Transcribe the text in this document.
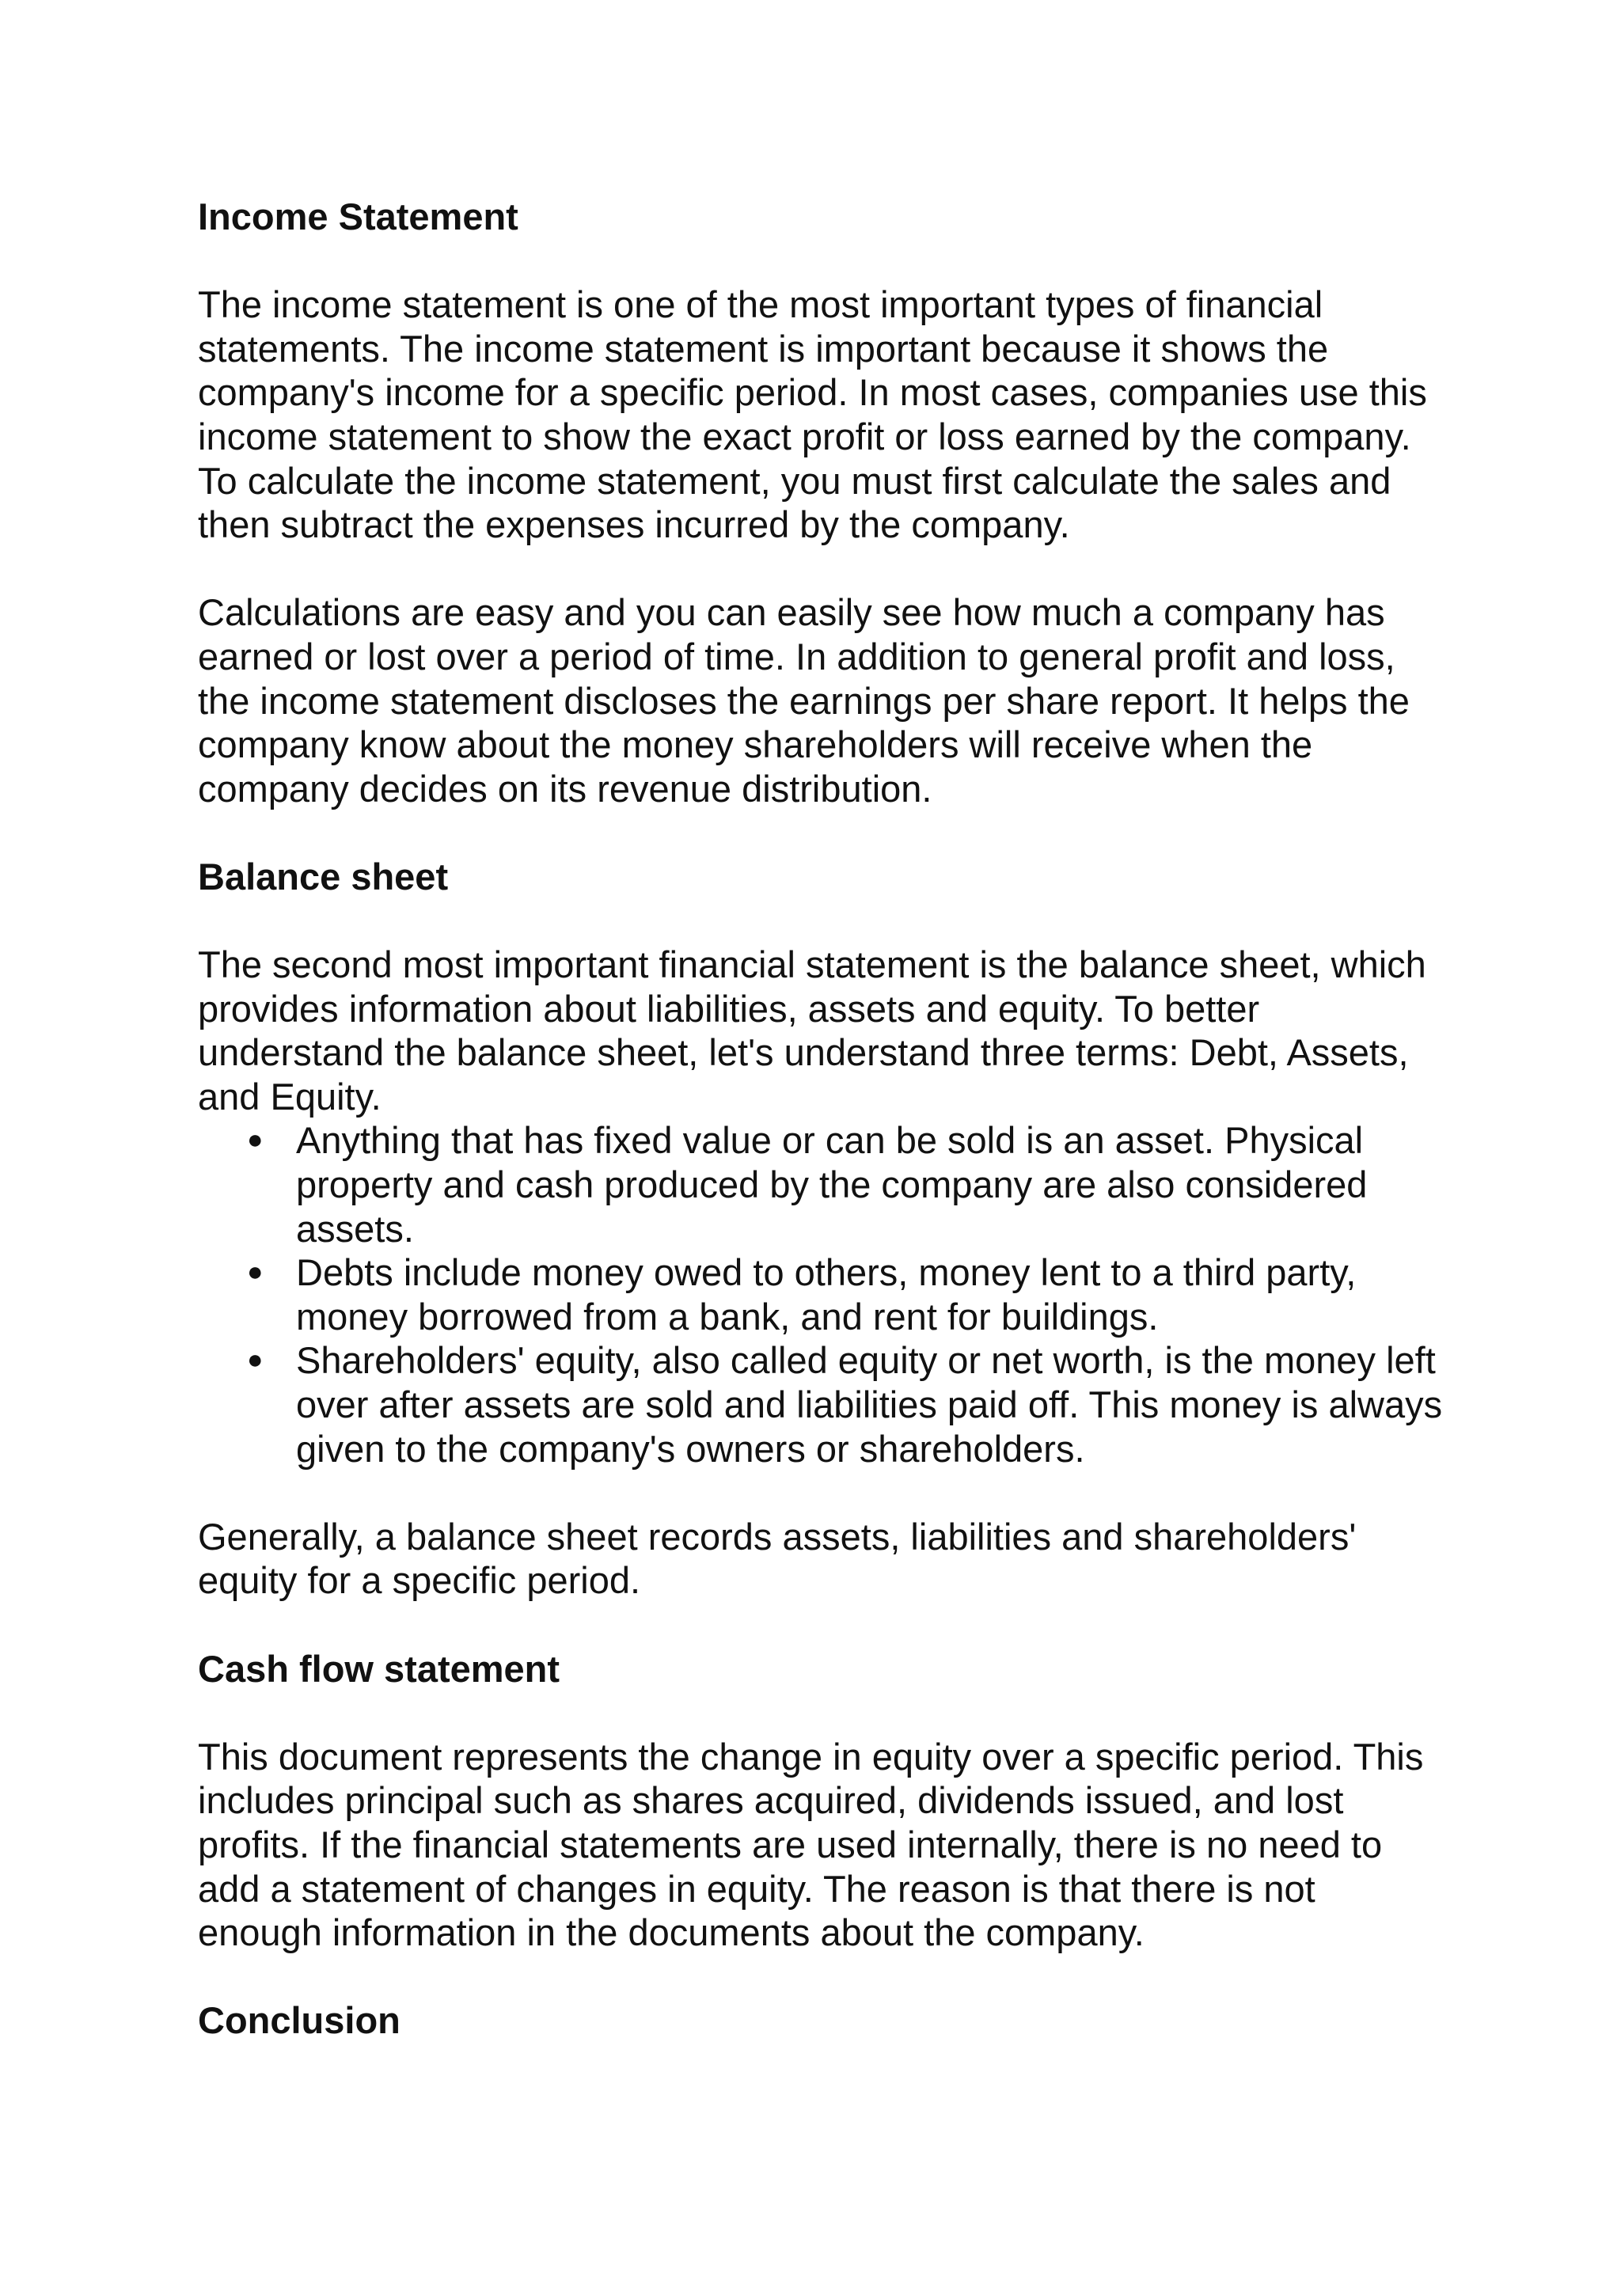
Income Statement

The income statement is one of the most important types of financial statements. The income statement is important because it shows the company's income for a specific period. In most cases, companies use this income statement to show the exact profit or loss earned by the company. To calculate the income statement, you must first calculate the sales and then subtract the expenses incurred by the company.

Calculations are easy and you can easily see how much a company has earned or lost over a period of time. In addition to general profit and loss, the income statement discloses the earnings per share report. It helps the company know about the money shareholders will receive when the company decides on its revenue distribution.

Balance sheet

The second most important financial statement is the balance sheet, which provides information about liabilities, assets and equity. To better understand the balance sheet, let's understand three terms: Debt, Assets, and Equity.

● Anything that has fixed value or can be sold is an asset. Physical property and cash produced by the company are also considered assets.
● Debts include money owed to others, money lent to a third party, money borrowed from a bank, and rent for buildings.
● Shareholders' equity, also called equity or net worth, is the money left over after assets are sold and liabilities paid off. This money is always given to the company's owners or shareholders.

Generally, a balance sheet records assets, liabilities and shareholders' equity for a specific period.

Cash flow statement

This document represents the change in equity over a specific period. This includes principal such as shares acquired, dividends issued, and lost profits. If the financial statements are used internally, there is no need to add a statement of changes in equity. The reason is that there is not enough information in the documents about the company.

Conclusion
